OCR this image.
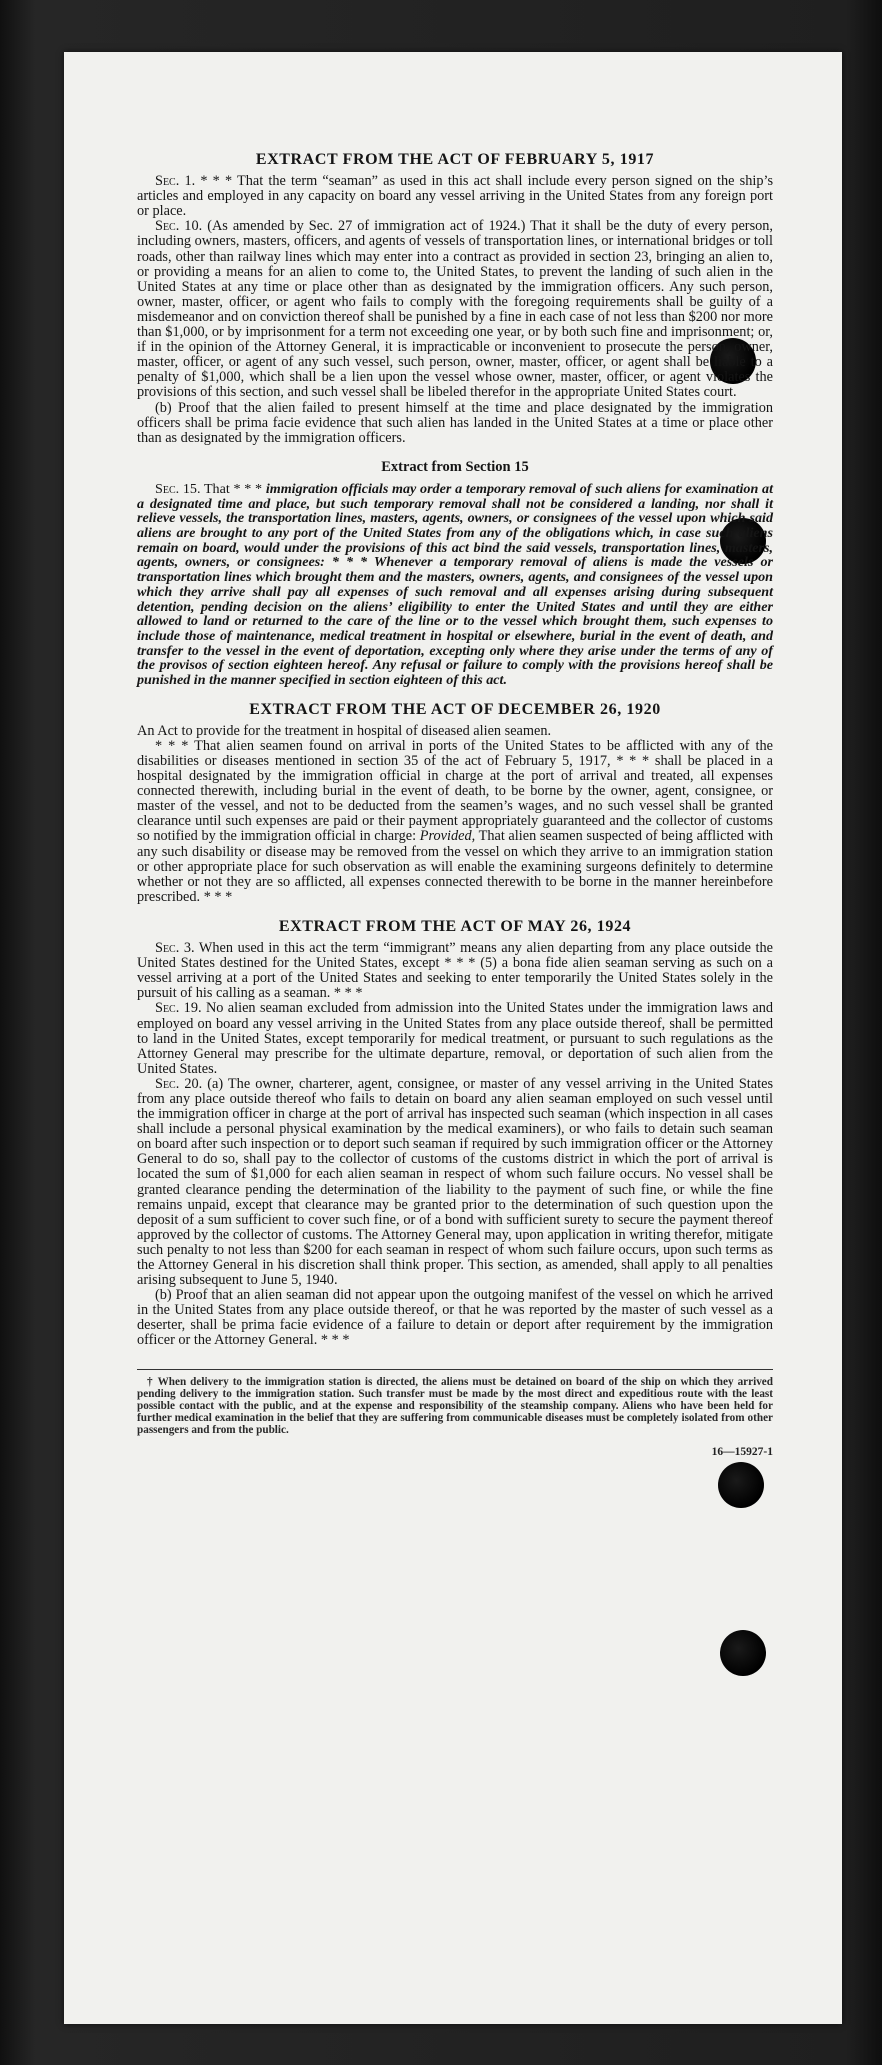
EXTRACT FROM THE ACT OF FEBRUARY 5, 1917

Sec. 1. * * * That the term “seaman” as used in this act shall include every person signed on the ship’s articles and employed in any capacity on board any vessel arriving in the United States from any foreign port or place.

Sec. 10. (As amended by Sec. 27 of immigration act of 1924.) That it shall be the duty of every person, including owners, masters, officers, and agents of vessels of transportation lines, or international bridges or toll roads, other than railway lines which may enter into a contract as provided in section 23, bringing an alien to, or providing a means for an alien to come to, the United States, to prevent the landing of such alien in the United States at any time or place other than as designated by the immigration officers. Any such person, owner, master, officer, or agent who fails to comply with the foregoing requirements shall be guilty of a misdemeanor and on conviction thereof shall be punished by a fine in each case of not less than $200 nor more than $1,000, or by imprisonment for a term not exceeding one year, or by both such fine and imprisonment; or, if in the opinion of the Attorney General, it is impracticable or inconvenient to prosecute the person, owner, master, officer, or agent of any such vessel, such person, owner, master, officer, or agent shall be liable to a penalty of $1,000, which shall be a lien upon the vessel whose owner, master, officer, or agent violates the provisions of this section, and such vessel shall be libeled therefor in the appropriate United States court.

(b) Proof that the alien failed to present himself at the time and place designated by the immigration officers shall be prima facie evidence that such alien has landed in the United States at a time or place other than as designated by the immigration officers.

Extract from Section 15

Sec. 15. That * * * immigration officials may order a temporary removal of such aliens for examination at a designated time and place, but such temporary removal shall not be considered a landing, nor shall it relieve vessels, the transportation lines, masters, agents, owners, or consignees of the vessel upon which said aliens are brought to any port of the United States from any of the obligations which, in case such aliens remain on board, would under the provisions of this act bind the said vessels, transportation lines, masters, agents, owners, or consignees: * * * Whenever a temporary removal of aliens is made the vessels or transportation lines which brought them and the masters, owners, agents, and consignees of the vessel upon which they arrive shall pay all expenses of such removal and all expenses arising during subsequent detention, pending decision on the aliens’ eligibility to enter the United States and until they are either allowed to land or returned to the care of the line or to the vessel which brought them, such expenses to include those of maintenance, medical treatment in hospital or elsewhere, burial in the event of death, and transfer to the vessel in the event of deportation, excepting only where they arise under the terms of any of the provisos of section eighteen hereof. Any refusal or failure to comply with the provisions hereof shall be punished in the manner specified in section eighteen of this act.

EXTRACT FROM THE ACT OF DECEMBER 26, 1920

An Act to provide for the treatment in hospital of diseased alien seamen.

* * * That alien seamen found on arrival in ports of the United States to be afflicted with any of the disabilities or diseases mentioned in section 35 of the act of February 5, 1917, * * * shall be placed in a hospital designated by the immigration official in charge at the port of arrival and treated, all expenses connected therewith, including burial in the event of death, to be borne by the owner, agent, consignee, or master of the vessel, and not to be deducted from the seamen’s wages, and no such vessel shall be granted clearance until such expenses are paid or their payment appropriately guaranteed and the collector of customs so notified by the immigration official in charge: Provided, That alien seamen suspected of being afflicted with any such disability or disease may be removed from the vessel on which they arrive to an immigration station or other appropriate place for such observation as will enable the examining surgeons definitely to determine whether or not they are so afflicted, all expenses connected therewith to be borne in the manner hereinbefore prescribed. * * *

EXTRACT FROM THE ACT OF MAY 26, 1924

Sec. 3. When used in this act the term “immigrant” means any alien departing from any place outside the United States destined for the United States, except * * * (5) a bona fide alien seaman serving as such on a vessel arriving at a port of the United States and seeking to enter temporarily the United States solely in the pursuit of his calling as a seaman. * * *

Sec. 19. No alien seaman excluded from admission into the United States under the immigration laws and employed on board any vessel arriving in the United States from any place outside thereof, shall be permitted to land in the United States, except temporarily for medical treatment, or pursuant to such regulations as the Attorney General may prescribe for the ultimate departure, removal, or deportation of such alien from the United States.

Sec. 20. (a) The owner, charterer, agent, consignee, or master of any vessel arriving in the United States from any place outside thereof who fails to detain on board any alien seaman employed on such vessel until the immigration officer in charge at the port of arrival has inspected such seaman (which inspection in all cases shall include a personal physical examination by the medical examiners), or who fails to detain such seaman on board after such inspection or to deport such seaman if required by such immigration officer or the Attorney General to do so, shall pay to the collector of customs of the customs district in which the port of arrival is located the sum of $1,000 for each alien seaman in respect of whom such failure occurs. No vessel shall be granted clearance pending the determination of the liability to the payment of such fine, or while the fine remains unpaid, except that clearance may be granted prior to the determination of such question upon the deposit of a sum sufficient to cover such fine, or of a bond with sufficient surety to secure the payment thereof approved by the collector of customs. The Attorney General may, upon application in writing therefor, mitigate such penalty to not less than $200 for each seaman in respect of whom such failure occurs, upon such terms as the Attorney General in his discretion shall think proper. This section, as amended, shall apply to all penalties arising subsequent to June 5, 1940.

(b) Proof that an alien seaman did not appear upon the outgoing manifest of the vessel on which he arrived in the United States from any place outside thereof, or that he was reported by the master of such vessel as a deserter, shall be prima facie evidence of a failure to detain or deport after requirement by the immigration officer or the Attorney General. * * *

† When delivery to the immigration station is directed, the aliens must be detained on board of the ship on which they arrived pending delivery to the immigration station. Such transfer must be made by the most direct and expeditious route with the least possible contact with the public, and at the expense and responsibility of the steamship company. Aliens who have been held for further medical examination in the belief that they are suffering from communicable diseases must be completely isolated from other passengers and from the public.

16—15927-1
